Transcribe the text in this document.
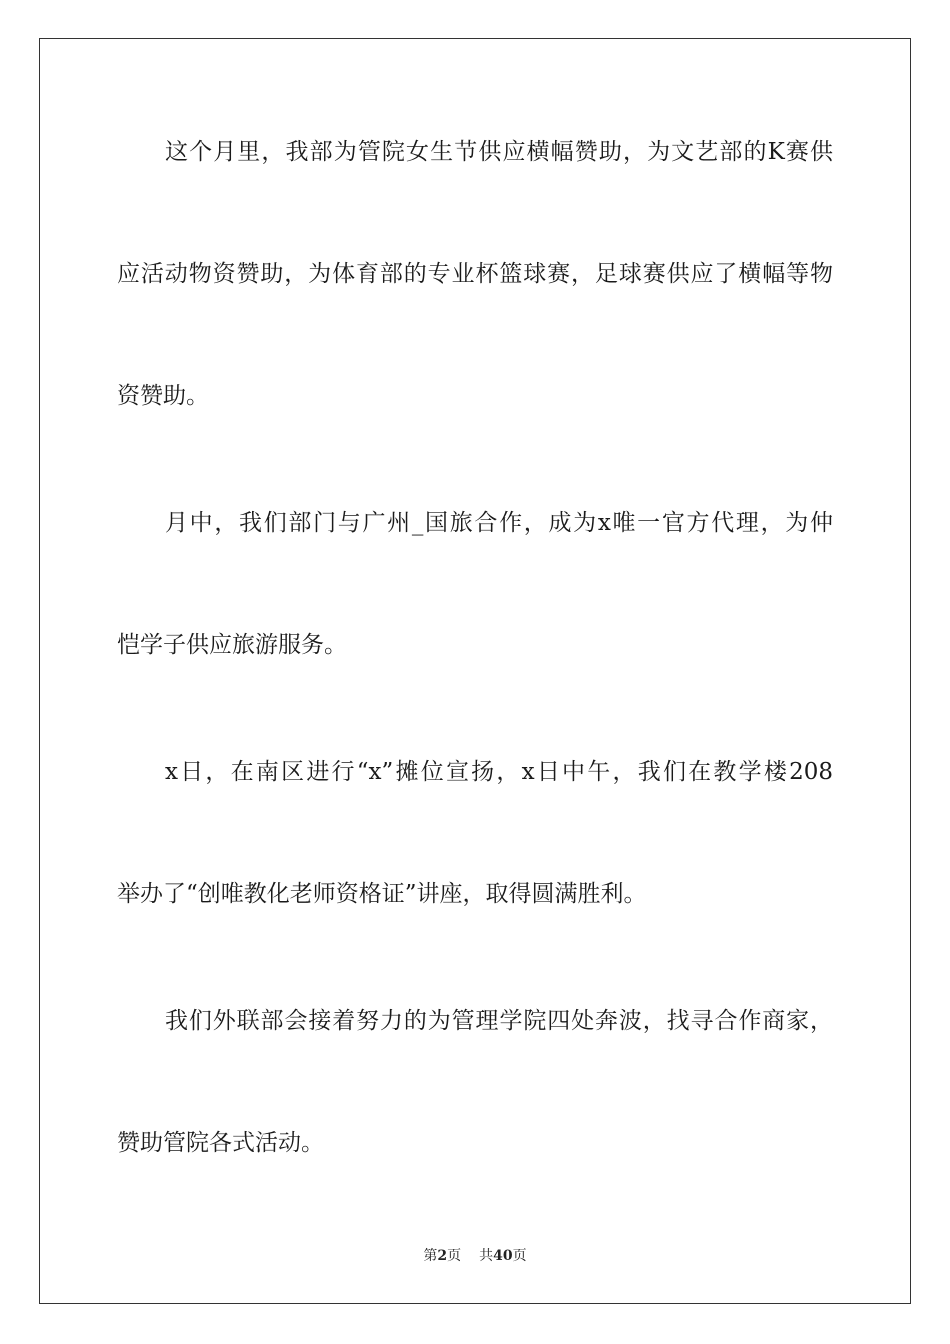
这个月里，我部为管院女生节供应横幅赞助，为文艺部的K赛供
应活动物资赞助，为体育部的专业杯篮球赛，足球赛供应了横幅等物
资赞助。
月中，我们部门与广州_国旅合作，成为x唯一官方代理，为仲
恺学子供应旅游服务。
x日，在南区进行“x”摊位宣扬，x日中午，我们在教学楼208
举办了“创唯教化老师资格证”讲座，取得圆满胜利。
我们外联部会接着努力的为管理学院四处奔波，找寻合作商家，
赞助管院各式活动。
第2页 共40页
